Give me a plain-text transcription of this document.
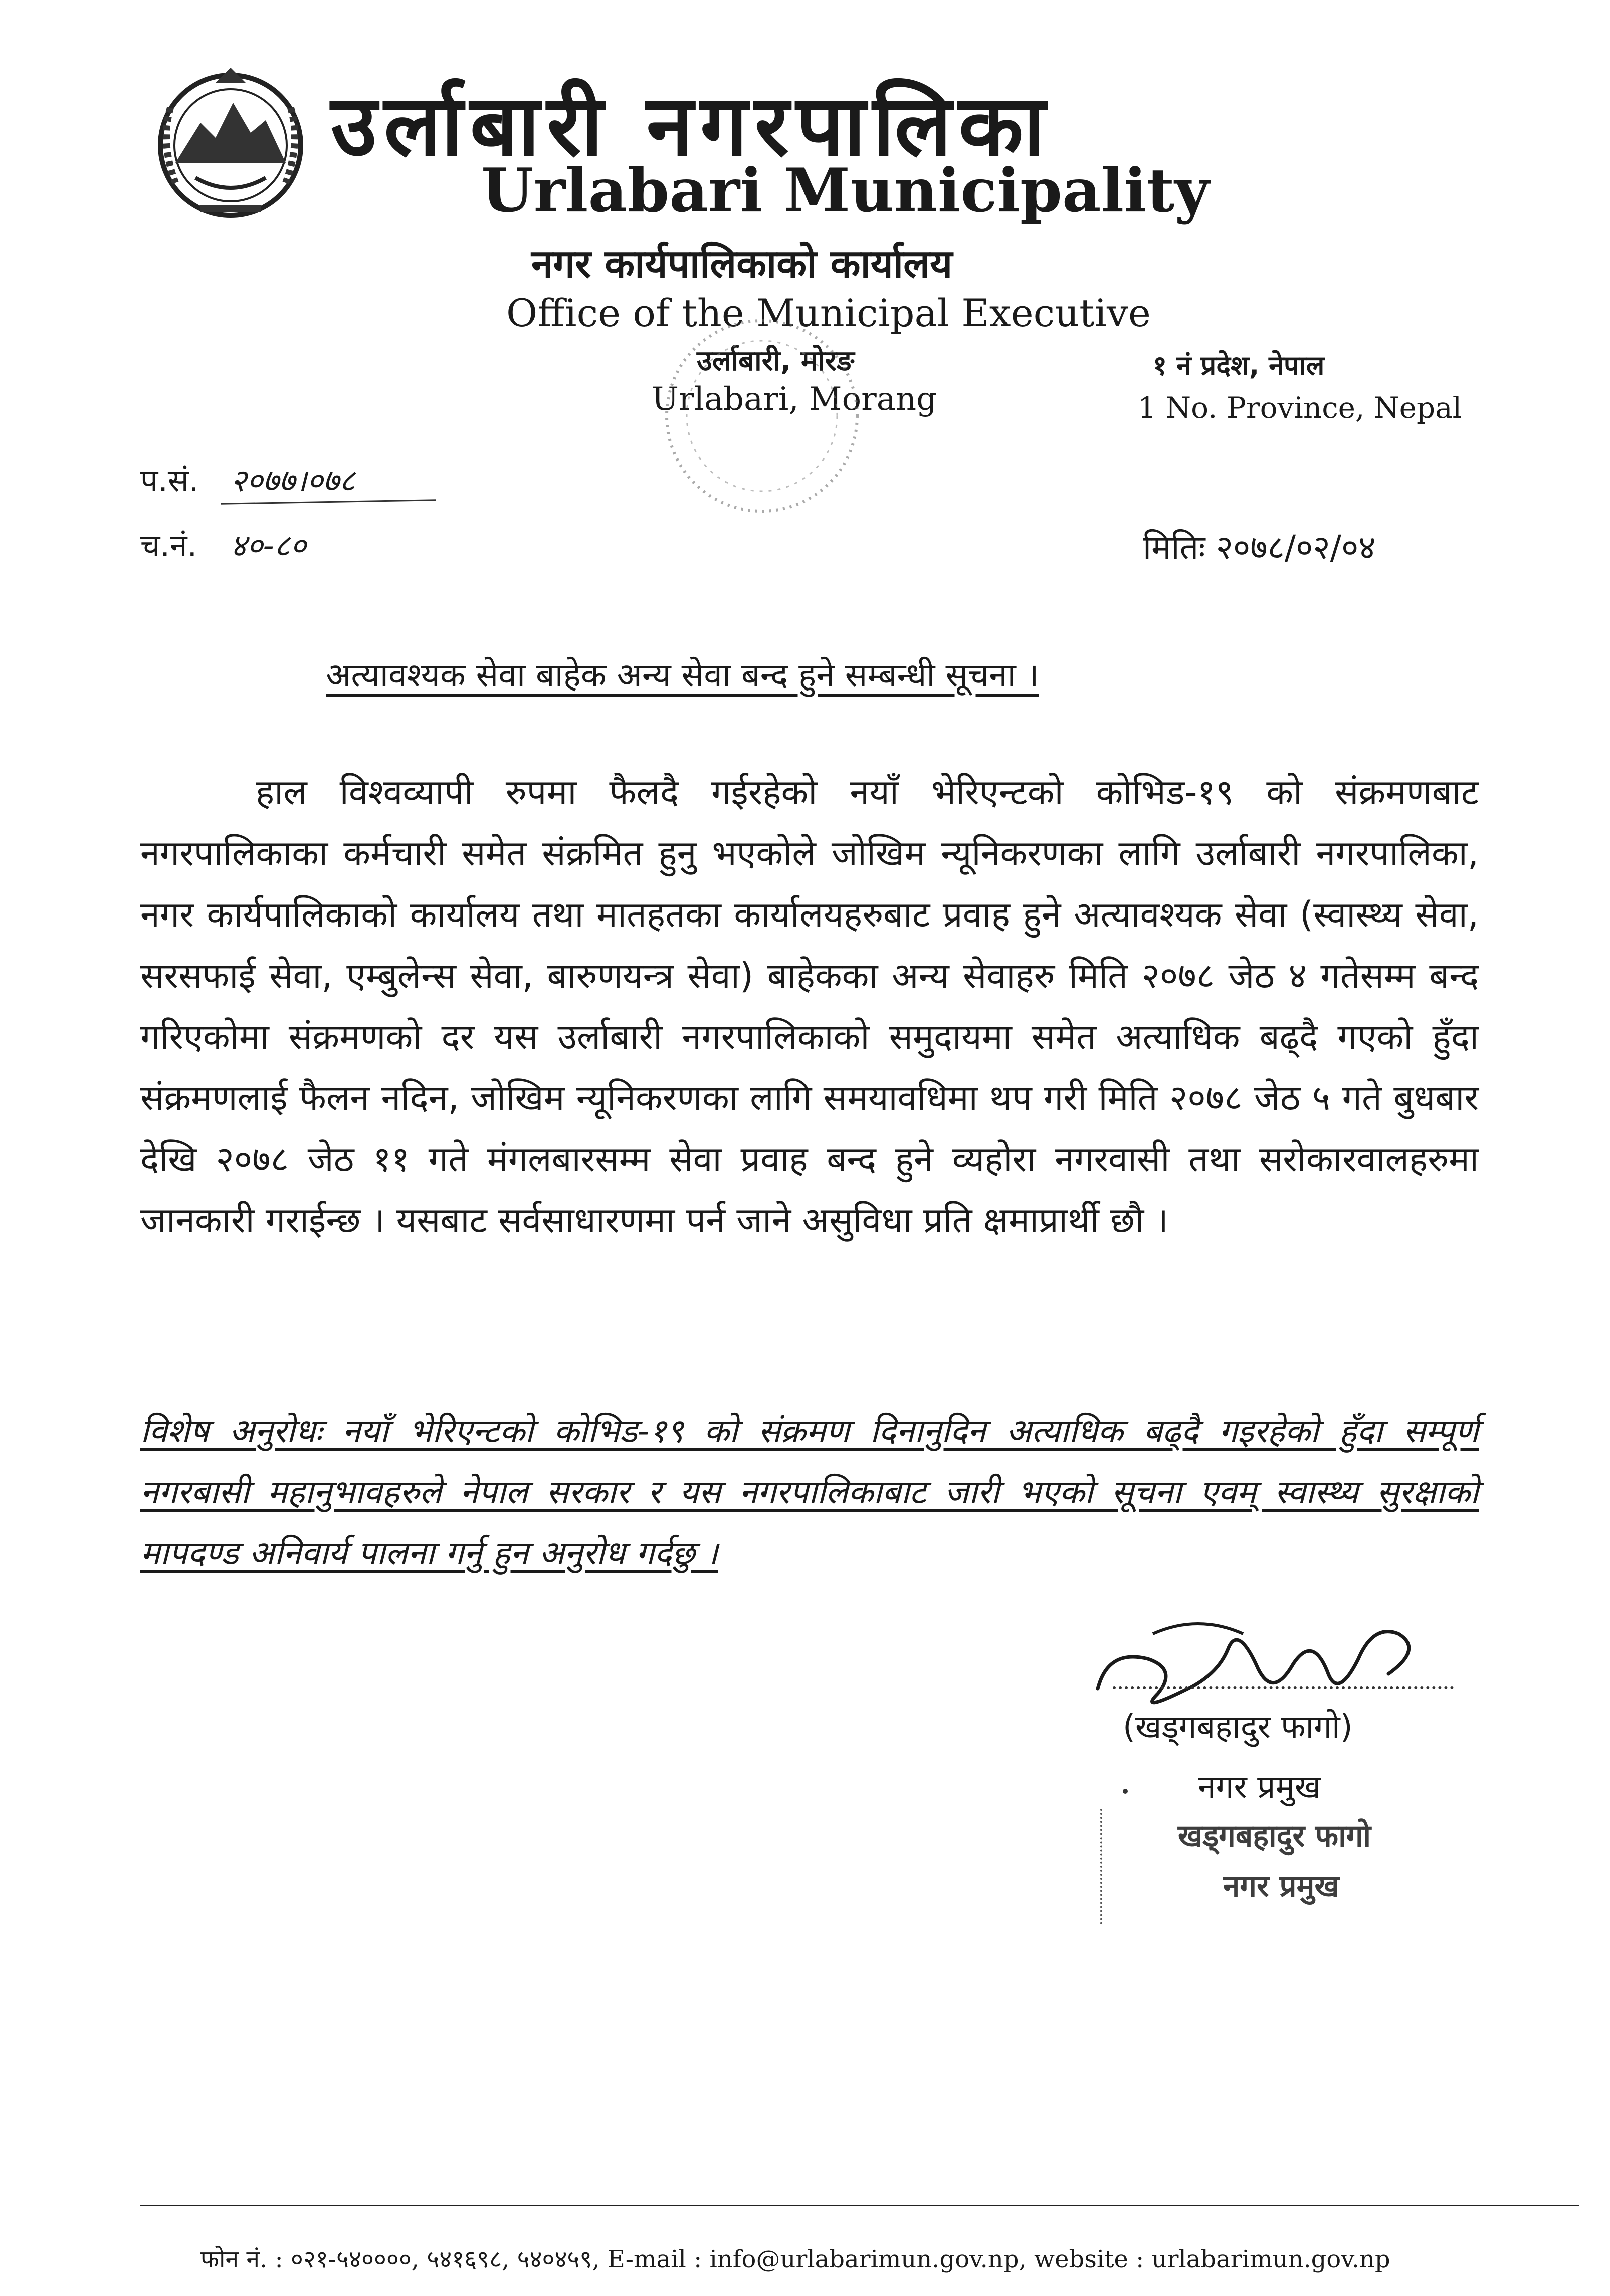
उर्लाबारी नगरपालिका
Urlabari Municipality
नगर कार्यपालिकाको कार्यालय
Office of the Municipal Executive
उर्लाबारी, मोरङ
Urlabari, Morang
१ नं प्रदेश, नेपाल
1 No. Province, Nepal
प.सं. २०७७।०७८
च.नं. ४०-८०	मितिः २०७८/०२/०४
अत्यावश्यक सेवा बाहेक अन्य सेवा बन्द हुने सम्बन्धी सूचना ।
हाल विश्वव्यापी रुपमा फैलदै गईरहेको नयाँ भेरिएन्टको कोभिड-१९ को संक्रमणबाट नगरपालिकाका कर्मचारी समेत संक्रमित हुनु भएकोले जोखिम न्यूनिकरणका लागि उर्लाबारी नगरपालिका, नगर कार्यपालिकाको कार्यालय तथा मातहतका कार्यालयहरुबाट प्रवाह हुने अत्यावश्यक सेवा (स्वास्थ्य सेवा, सरसफाई सेवा, एम्बुलेन्स सेवा, बारुणयन्त्र सेवा) बाहेकका अन्य सेवाहरु मिति २०७८ जेठ ४ गतेसम्म बन्द गरिएकोमा संक्रमणको दर यस उर्लाबारी नगरपालिकाको समुदायमा समेत अत्याधिक बढ्दै गएको हुँदा संक्रमणलाई फैलन नदिन, जोखिम न्यूनिकरणका लागि समयावधिमा थप गरी मिति २०७८ जेठ ५ गते बुधबार देखि २०७८ जेठ ११ गते मंगलबारसम्म सेवा प्रवाह बन्द हुने व्यहोरा नगरवासी तथा सरोकारवालहरुमा जानकारी गराईन्छ । यसबाट सर्वसाधारणमा पर्न जाने असुविधा प्रति क्षमाप्रार्थी छौ ।
विशेष अनुरोधः नयाँ भेरिएन्टको कोभिड-१९ को संक्रमण दिनानुदिन अत्याधिक बढ्दै गइरहेको हुँदा सम्पूर्ण नगरबासी महानुभावहरुले नेपाल सरकार र यस नगरपालिकाबाट जारी भएको सूचना एवम् स्वास्थ्य सुरक्षाको मापदण्ड अनिवार्य पालना गर्नु हुन अनुरोध गर्दछु ।
(खड्गबहादुर फागो)
नगर प्रमुख
खड्गबहादुर फागो
नगर प्रमुख
फोन नं. : ०२१-५४००००, ५४१६९८, ५४०४५९, E-mail : info@urlabarimun.gov.np, website : urlabarimun.gov.np
